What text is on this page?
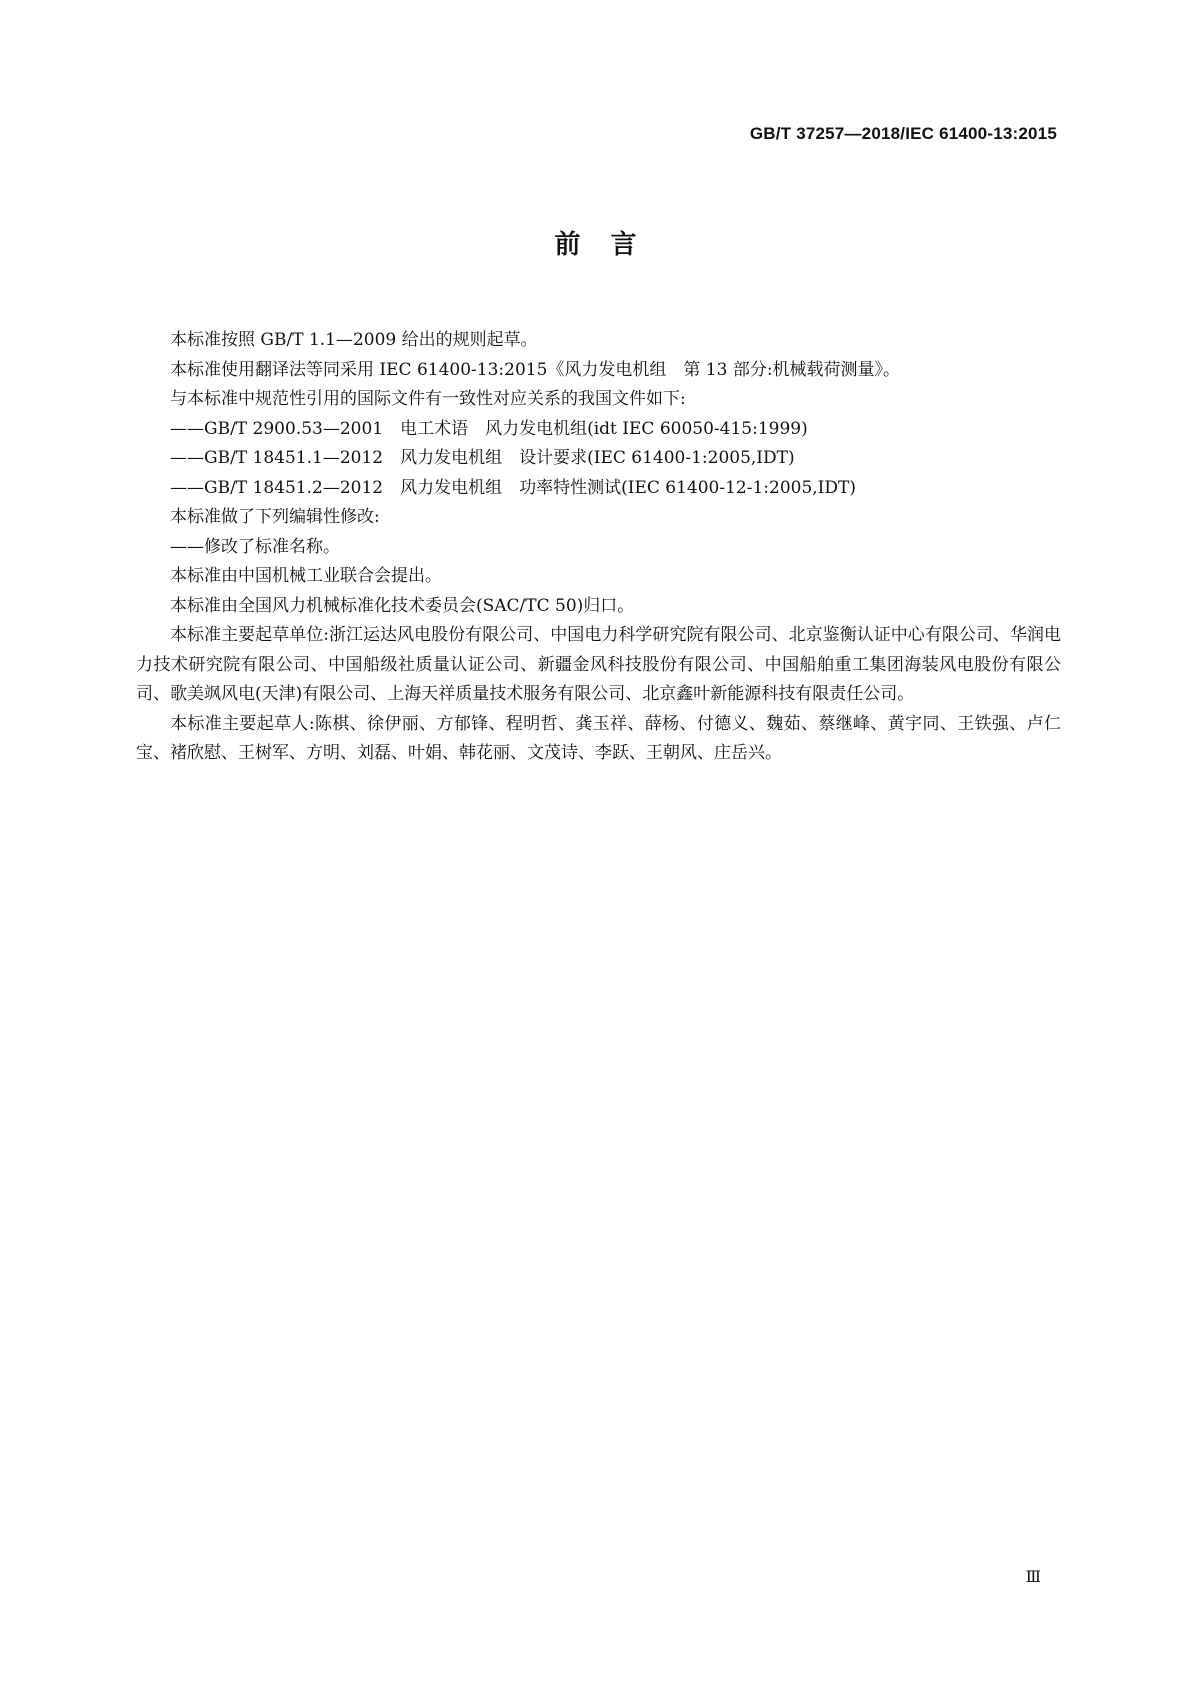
GB/T 37257—2018/IEC 61400-13:2015
前言

本标准按照 GB/T 1.1—2009 给出的规则起草。

本标准使用翻译法等同采用 IEC 61400-13:2015《风力发电机组　第 13 部分:机械载荷测量》。

与本标准中规范性引用的国际文件有一致性对应关系的我国文件如下:

——GB/T 2900.53—2001　电工术语　风力发电机组(idt IEC 60050-415:1999)

——GB/T 18451.1—2012　风力发电机组　设计要求(IEC 61400-1:2005,IDT)

——GB/T 18451.2—2012　风力发电机组　功率特性测试(IEC 61400-12-1:2005,IDT)

本标准做了下列编辑性修改:

——修改了标准名称。

本标准由中国机械工业联合会提出。

本标准由全国风力机械标准化技术委员会(SAC/TC 50)归口。

本标准主要起草单位:浙江运达风电股份有限公司、中国电力科学研究院有限公司、北京鉴衡认证中心有限公司、华润电力技术研究院有限公司、中国船级社质量认证公司、新疆金风科技股份有限公司、中国船舶重工集团海装风电股份有限公司、歌美飒风电(天津)有限公司、上海天祥质量技术服务有限公司、北京鑫叶新能源科技有限责任公司。

本标准主要起草人:陈棋、徐伊丽、方郁锋、程明哲、龚玉祥、薛杨、付德义、魏茹、蔡继峰、黄宇同、王铁强、卢仁宝、褚欣慰、王树军、方明、刘磊、叶娟、韩花丽、文茂诗、李跃、王朝风、庄岳兴。

Ⅲ
